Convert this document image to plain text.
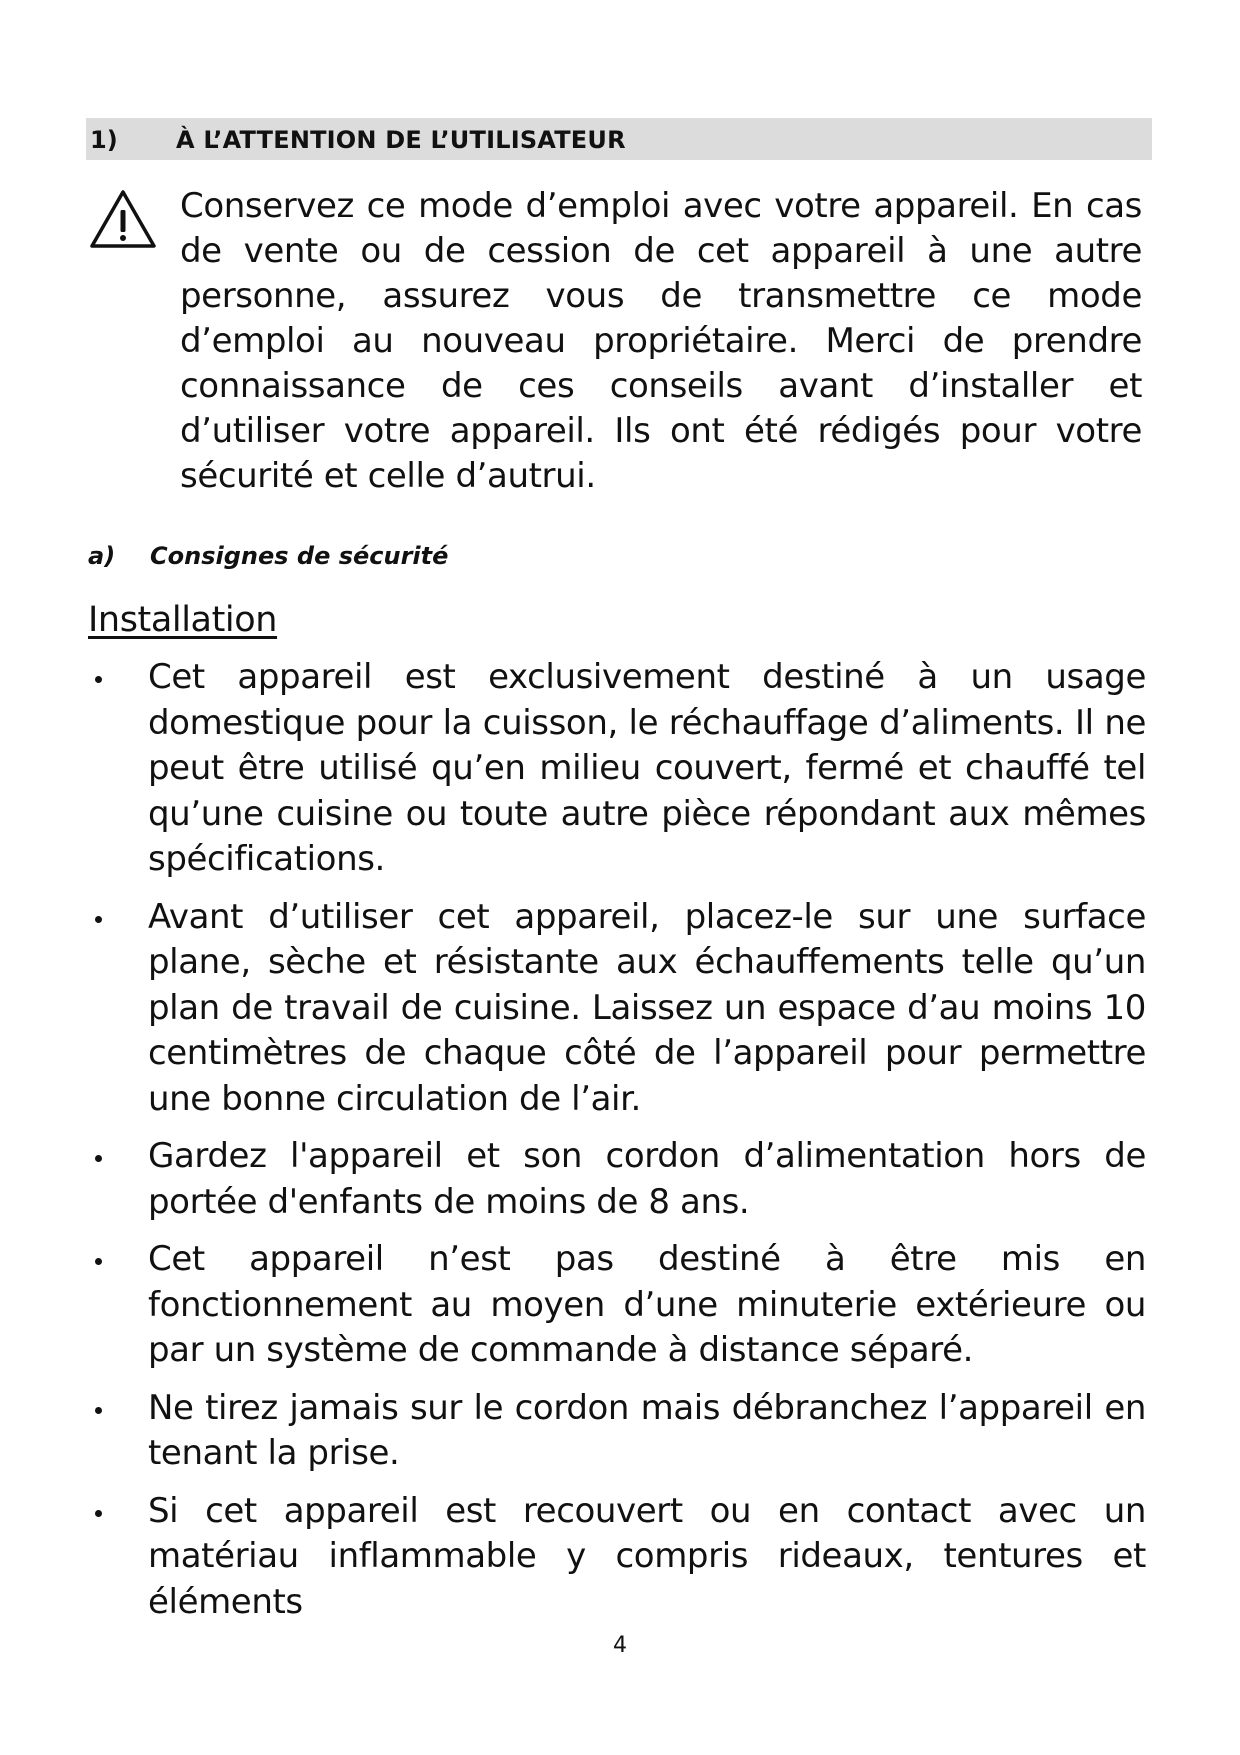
1) À L’ATTENTION DE L’UTILISATEUR
Conservez ce mode d’emploi avec votre appareil. En cas de vente ou de cession de cet appareil à une autre personne, assurez vous de transmettre ce mode d’emploi au nouveau propriétaire. Merci de prendre connaissance de ces conseils avant d’installer et d’utiliser votre appareil. Ils ont été rédigés pour votre sécurité et celle d’autrui.
a) Consignes de sécurité
Installation
Cet appareil est exclusivement destiné à un usage domestique pour la cuisson, le réchauffage d’aliments. Il ne peut être utilisé qu’en milieu couvert, fermé et chauffé tel qu’une cuisine ou toute autre pièce répondant aux mêmes spécifications.
Avant d’utiliser cet appareil, placez-le sur une surface plane, sèche et résistante aux échauffements telle qu’un plan de travail de cuisine. Laissez un espace d’au moins 10 centimètres de chaque côté de l’appareil pour permettre une bonne circulation de l’air.
Gardez l'appareil et son cordon d’alimentation hors de portée d'enfants de moins de 8 ans.
Cet appareil n’est pas destiné à être mis en fonctionnement au moyen d’une minuterie extérieure ou par un système de commande à distance séparé.
Ne tirez jamais sur le cordon mais débranchez l’appareil en tenant la prise.
Si cet appareil est recouvert ou en contact avec un matériau inflammable y compris rideaux, tentures et éléments
4
